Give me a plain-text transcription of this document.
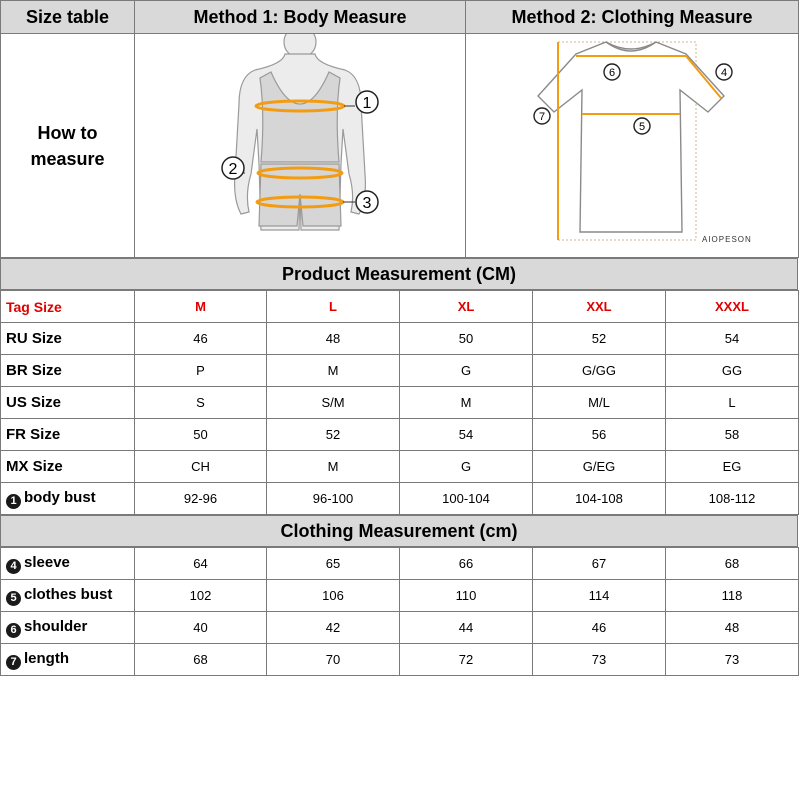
Size table	Method 1: Body Measure	Method 2: Clothing Measure
How to
measure	1
2
3	6 4
5
7
AIOPESON
Product Measurement (CM)
Tag Size	M	L	XL	XXL	XXXL
RU Size	46	48	50	52	54
BR Size	P	M	G	G/GG	GG
US Size	S	S/M	M	M/L	L
FR Size	50	52	54	56	58
MX Size	CH	M	G	G/EG	EG
1 body bust	92-96	96-100	100-104	104-108	108-112
Clothing Measurement (cm)
4 sleeve	64	65	66	67	68
5 clothes bust	102	106	110	114	118
6 shoulder	40	42	44	46	48
7 length	68	70	72	73	73
